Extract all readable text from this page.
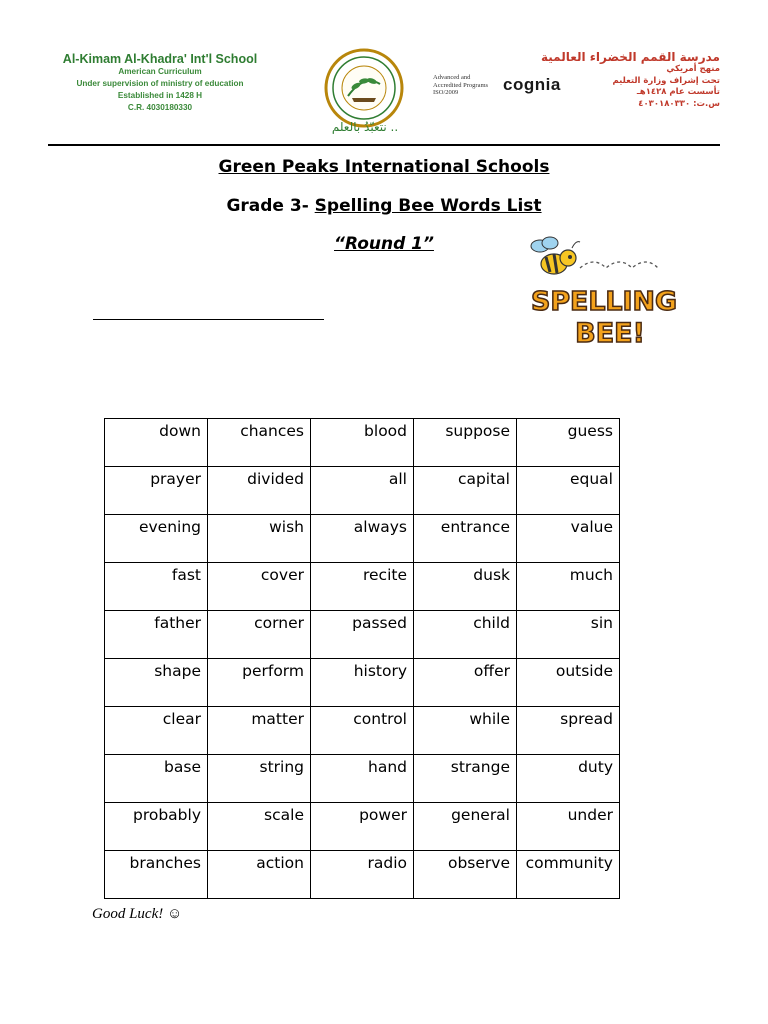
Al-Kimam Al-Khadra' Int'l School
American Curriculum
Under supervision of ministry of education
Established in 1428 H
C.R. 4030180330
نتعبّدُ بالعلم ..
Advanced and Accredited Programs ISO/2009	cognia
مدرسة القمم الخضراء العالمية
منهج أمريكي
تحت إشراف وزارة التعليم
تأسست عام ١٤٢٨هـ
س.ت: ٤٠٣٠١٨٠٣٣٠
Green Peaks International Schools
Grade 3- Spelling Bee Words List
“Round 1”
SPELLING
BEE!
down	chances	blood	suppose	guess
prayer	divided	all	capital	equal
evening	wish	always	entrance	value
fast	cover	recite	dusk	much
father	corner	passed	child	sin
shape	perform	history	offer	outside
clear	matter	control	while	spread
base	string	hand	strange	duty
probably	scale	power	general	under
branches	action	radio	observe	community
Good Luck! ☺
